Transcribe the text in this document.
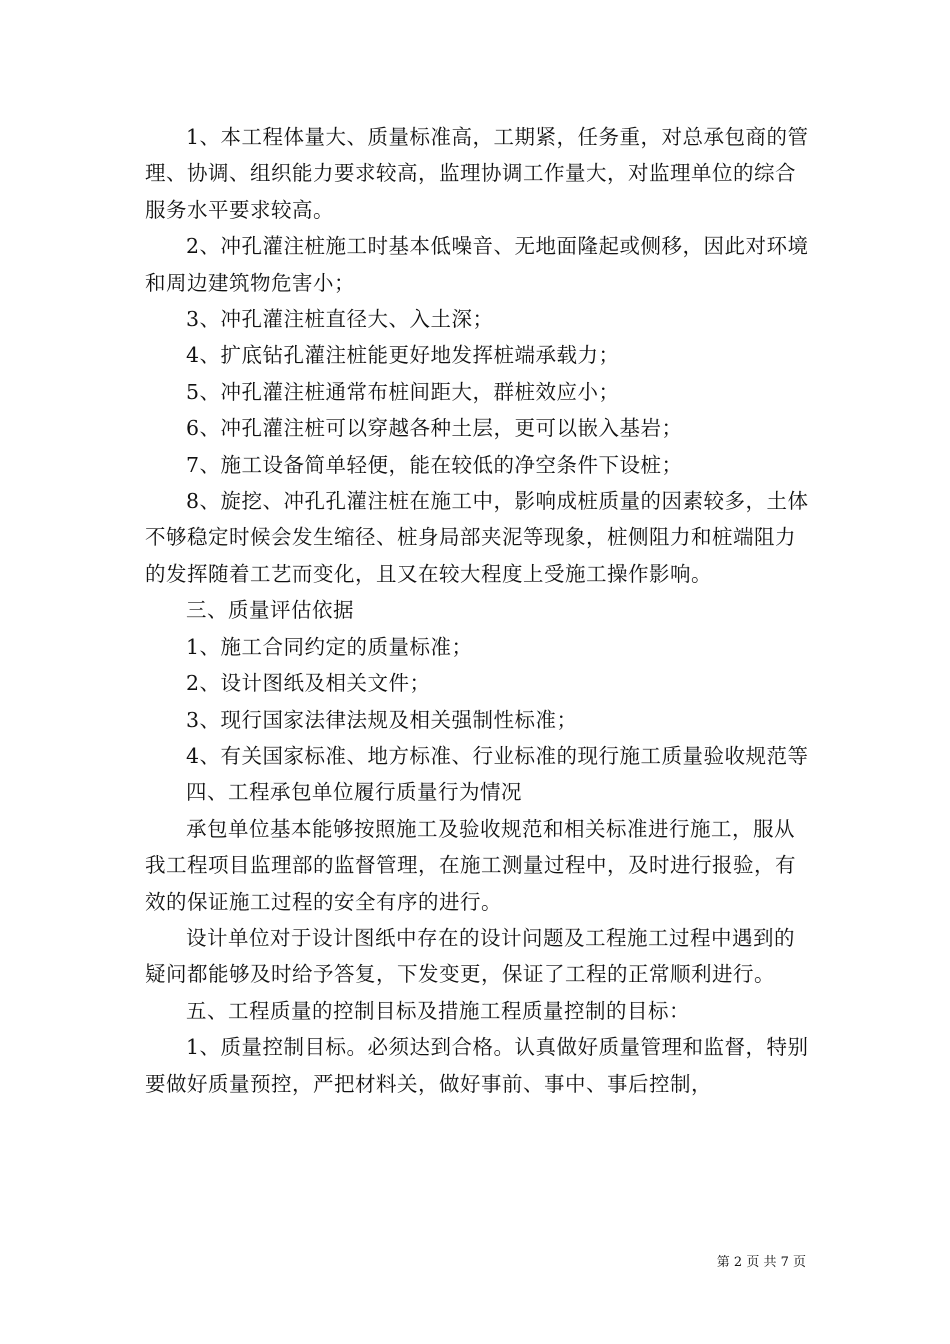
1、本工程体量大、质量标准高，工期紧，任务重，对总承包商的管理、协调、组织能力要求较高，监理协调工作量大，对监理单位的综合服务水平要求较高。

2、冲孔灌注桩施工时基本低噪音、无地面隆起或侧移，因此对环境和周边建筑物危害小；

3、冲孔灌注桩直径大、入土深；

4、扩底钻孔灌注桩能更好地发挥桩端承载力；

5、冲孔灌注桩通常布桩间距大，群桩效应小；

6、冲孔灌注桩可以穿越各种土层，更可以嵌入基岩；

7、施工设备简单轻便，能在较低的净空条件下设桩；

8、旋挖、冲孔孔灌注桩在施工中，影响成桩质量的因素较多，土体不够稳定时候会发生缩径、桩身局部夹泥等现象，桩侧阻力和桩端阻力的发挥随着工艺而变化，且又在较大程度上受施工操作影响。

三、质量评估依据

1、施工合同约定的质量标准；

2、设计图纸及相关文件；

3、现行国家法律法规及相关强制性标准；

4、有关国家标准、地方标准、行业标准的现行施工质量验收规范等

四、工程承包单位履行质量行为情况

承包单位基本能够按照施工及验收规范和相关标准进行施工，服从我工程项目监理部的监督管理，在施工测量过程中，及时进行报验，有效的保证施工过程的安全有序的进行。

设计单位对于设计图纸中存在的设计问题及工程施工过程中遇到的疑问都能够及时给予答复，下发变更，保证了工程的正常顺利进行。

五、工程质量的控制目标及措施工程质量控制的目标：

1、质量控制目标。必须达到合格。认真做好质量管理和监督，特别要做好质量预控，严把材料关，做好事前、事中、事后控制，

第 2 页 共 7 页
